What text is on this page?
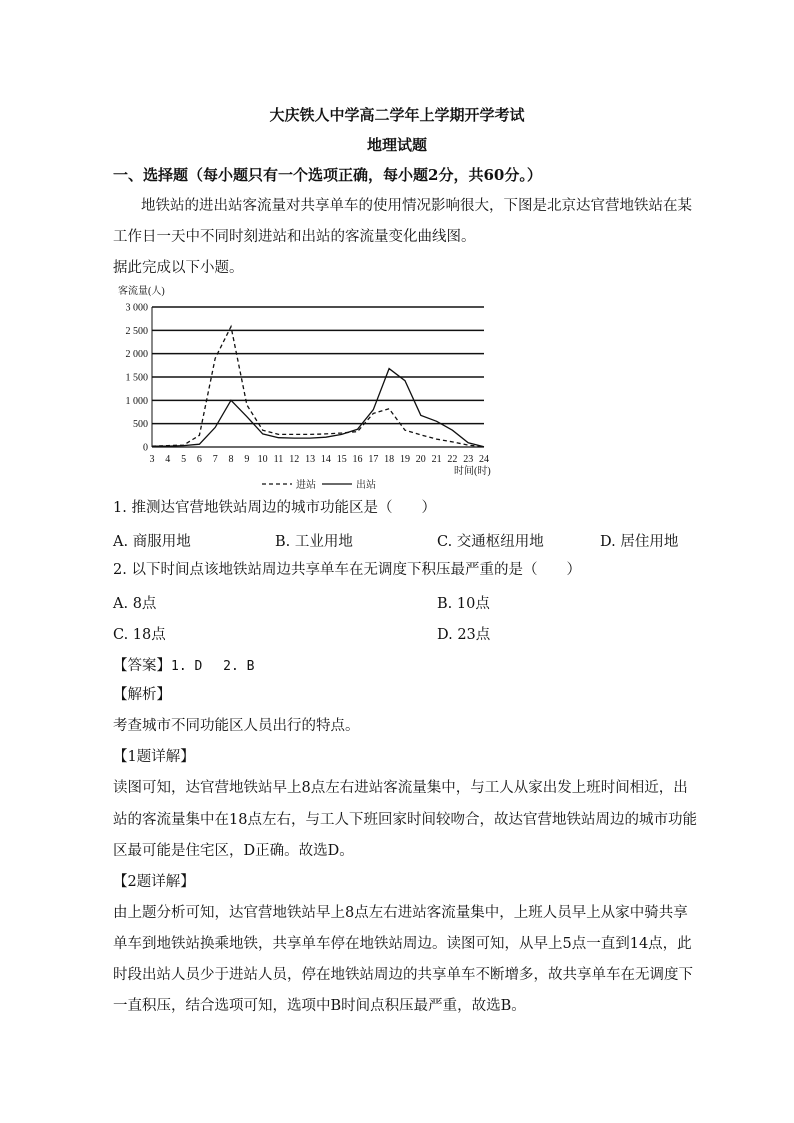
大庆铁人中学高二学年上学期开学考试
地理试题
一、选择题（每小题只有一个选项正确，每小题2分，共60分。）
地铁站的进出站客流量对共享单车的使用情况影响很大，下图是北京达官营地铁站在某
工作日一天中不同时刻进站和出站的客流量变化曲线图。
据此完成以下小题。
客流量(人)
3 000
2 500
2 000
1 500
1 000
500
0
3 4 5 6 7 8 9 10 11 12 13 14 15 16 17 18 19 20 21 22 23 24
时间(时)
进站	出站
1. 推测达官营地铁站周边的城市功能区是（　　）
A. 商服用地	B. 工业用地	C. 交通枢纽用地	D. 居住用地
2. 以下时间点该地铁站周边共享单车在无调度下积压最严重的是（　　）
A. 8点	B. 10点
C. 18点	D. 23点
【答案】1. D　 2. B
【解析】
考查城市不同功能区人员出行的特点。
【1题详解】
读图可知，达官营地铁站早上8点左右进站客流量集中，与工人从家出发上班时间相近，出
站的客流量集中在18点左右，与工人下班回家时间较吻合，故达官营地铁站周边的城市功能
区最可能是住宅区，D正确。故选D。
【2题详解】
由上题分析可知，达官营地铁站早上8点左右进站客流量集中，上班人员早上从家中骑共享
单车到地铁站换乘地铁，共享单车停在地铁站周边。读图可知，从早上5点一直到14点，此
时段出站人员少于进站人员，停在地铁站周边的共享单车不断增多，故共享单车在无调度下
一直积压，结合选项可知，选项中B时间点积压最严重，故选B。
